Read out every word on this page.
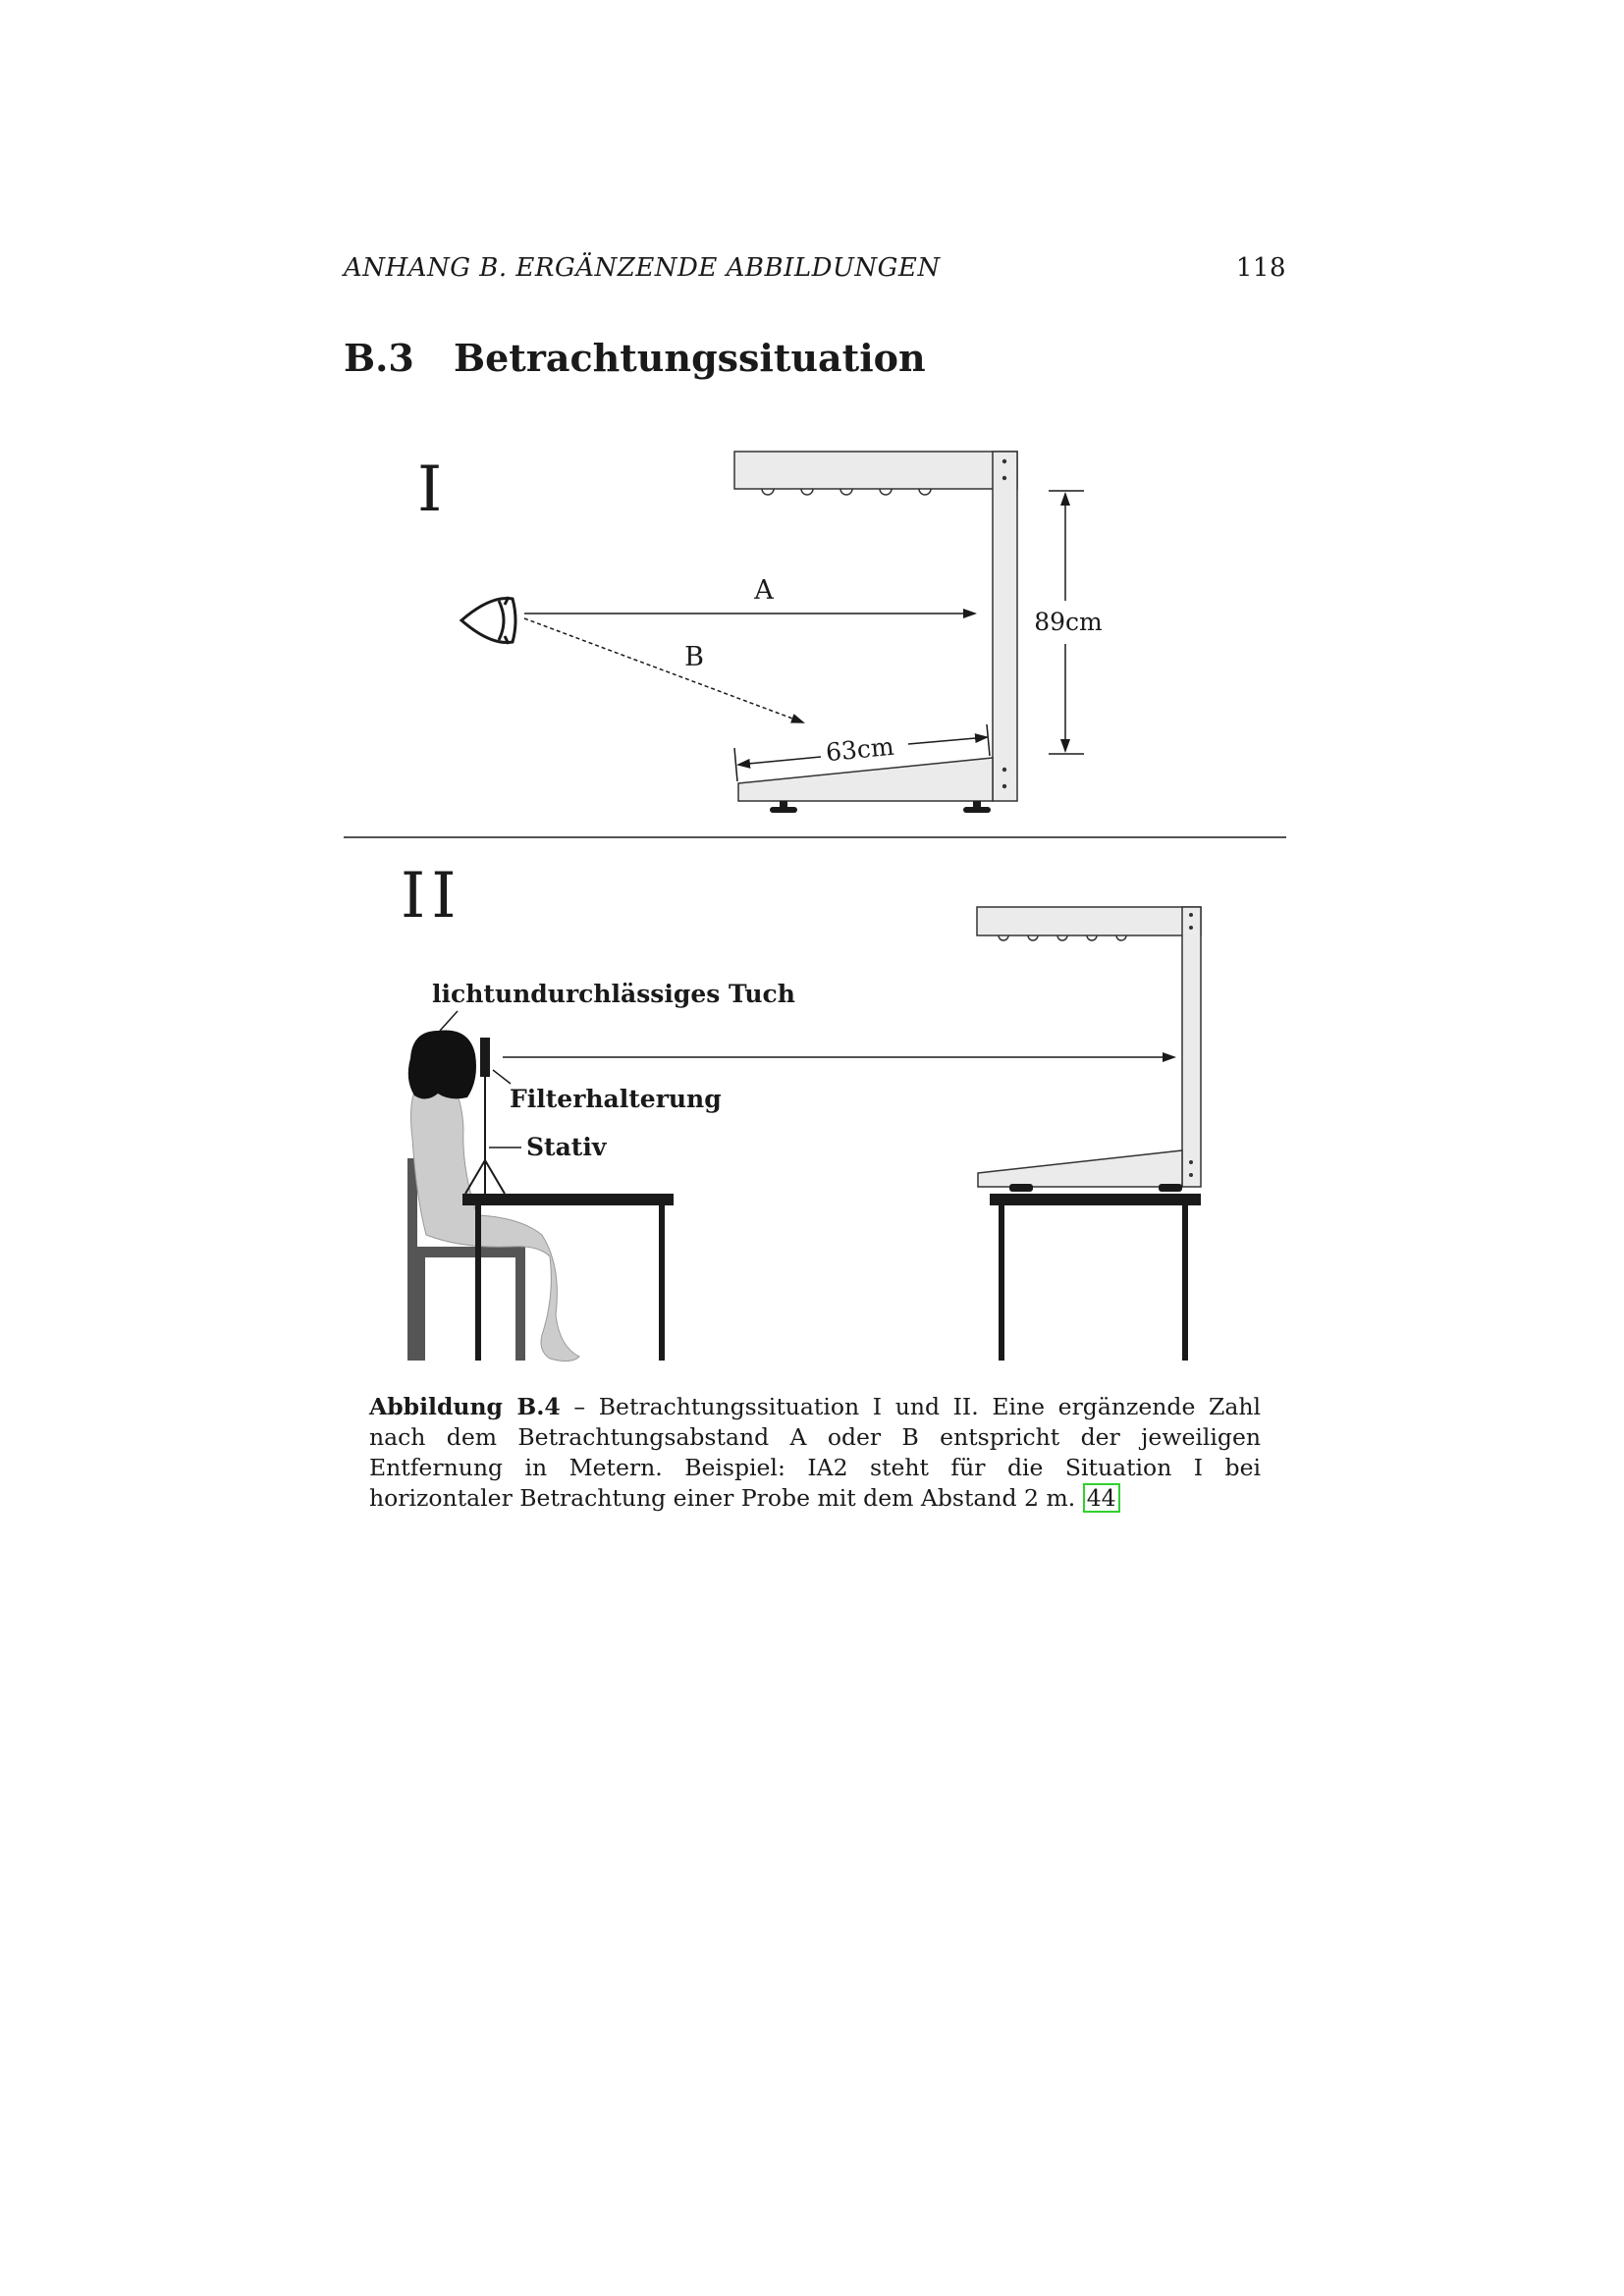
ANHANG B. ERGÄNZENDE ABBILDUNGEN	118
B.3 Betrachtungssituation
I
A
B
89cm
63cm
II
lichtundurchlässiges Tuch
Filterhalterung
Stativ
Abbildung B.4 – Betrachtungssituation I und II. Eine ergänzende Zahl nach dem Betrachtungsabstand A oder B entspricht der jeweiligen Entfernung in Metern. Beispiel: IA2 steht für die Situation I bei horizontaler Betrachtung einer Probe mit dem Abstand 2 m. 44
